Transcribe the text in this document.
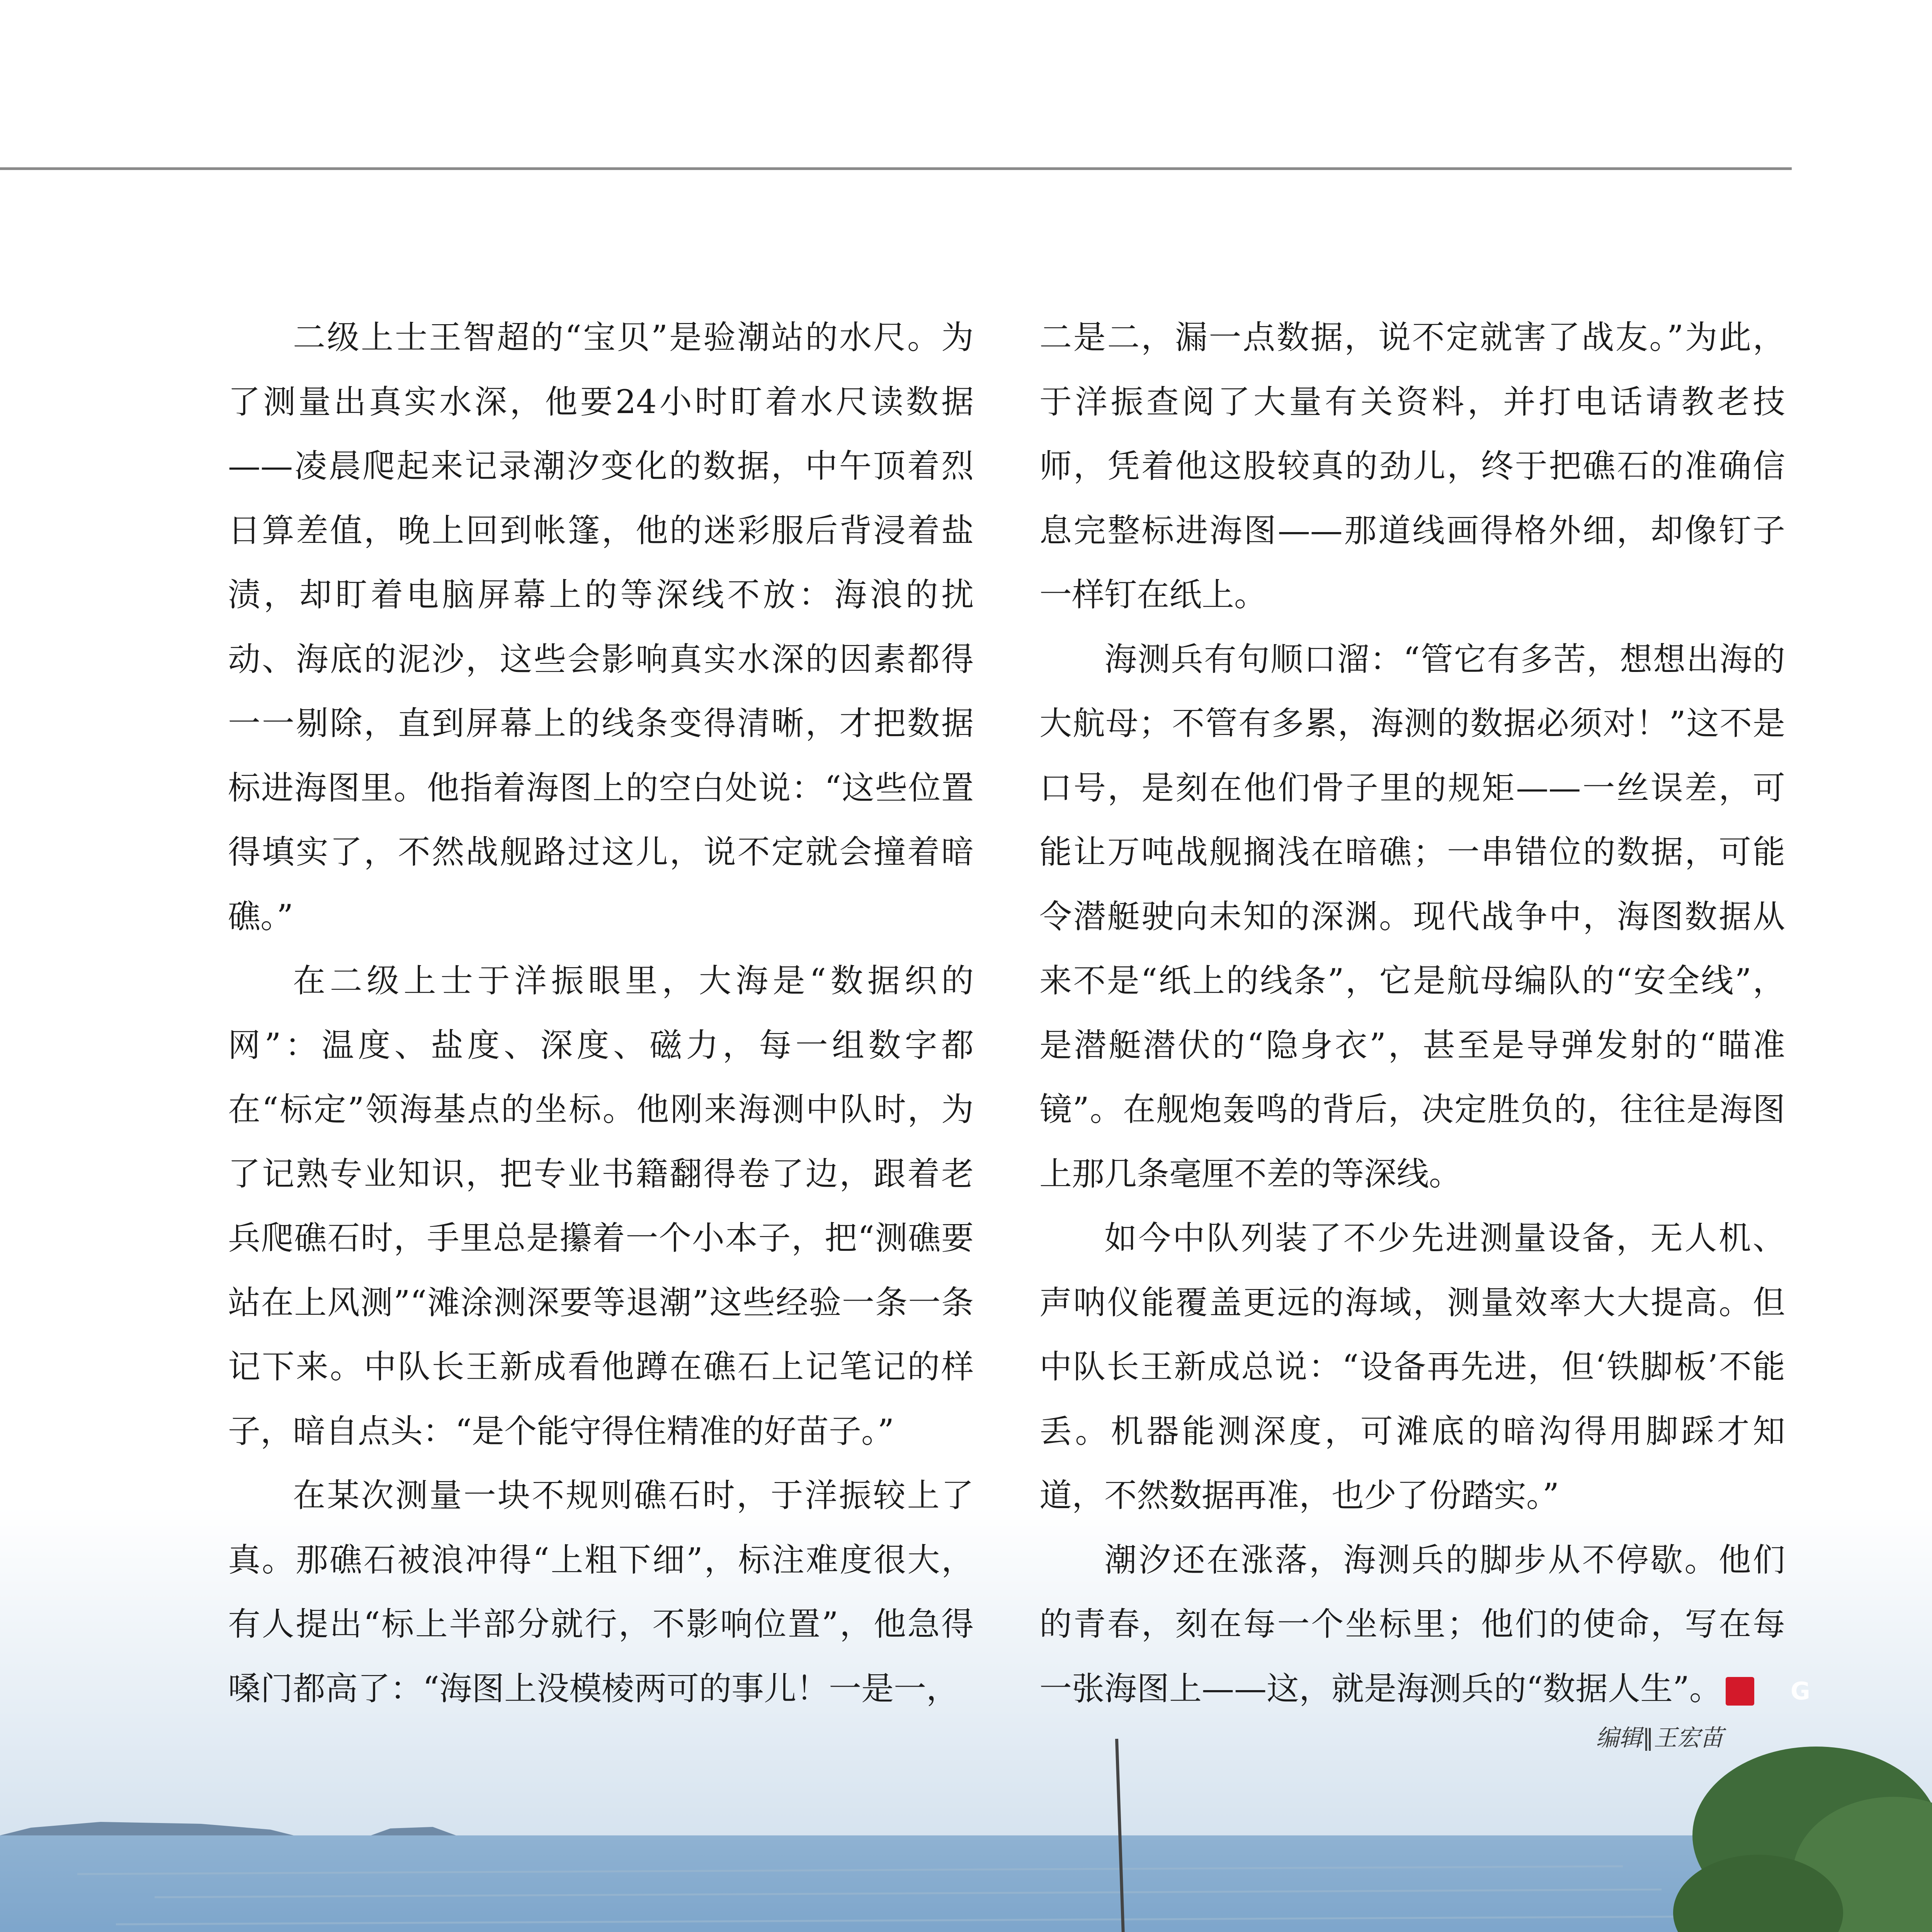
二级上士王智超的“宝贝”是验潮站的水尺。为了测量出真实水深，他要24小时盯着水尺读数据——凌晨爬起来记录潮汐变化的数据，中午顶着烈日算差值，晚上回到帐篷，他的迷彩服后背浸着盐渍，却盯着电脑屏幕上的等深线不放：海浪的扰动、海底的泥沙，这些会影响真实水深的因素都得一一剔除，直到屏幕上的线条变得清晰，才把数据标进海图里。他指着海图上的空白处说：“这些位置得填实了，不然战舰路过这儿，说不定就会撞着暗礁。”

在二级上士于洋振眼里，大海是“数据织的网”：温度、盐度、深度、磁力，每一组数字都在“标定”领海基点的坐标。他刚来海测中队时，为了记熟专业知识，把专业书籍翻得卷了边，跟着老兵爬礁石时，手里总是攥着一个小本子，把“测礁要站在上风测”“滩涂测深要等退潮”这些经验一条一条记下来。中队长王新成看他蹲在礁石上记笔记的样子，暗自点头：“是个能守得住精准的好苗子。”

在某次测量一块不规则礁石时，于洋振较上了真。那礁石被浪冲得“上粗下细”，标注难度很大，有人提出“标上半部分就行，不影响位置”，他急得嗓门都高了：“海图上没模棱两可的事儿！一是一，

二是二，漏一点数据，说不定就害了战友。”为此，于洋振查阅了大量有关资料，并打电话请教老技师，凭着他这股较真的劲儿，终于把礁石的准确信息完整标进海图——那道线画得格外细，却像钉子一样钉在纸上。

海测兵有句顺口溜：“管它有多苦，想想出海的大航母；不管有多累，海测的数据必须对！”这不是口号，是刻在他们骨子里的规矩——一丝误差，可能让万吨战舰搁浅在暗礁；一串错位的数据，可能令潜艇驶向未知的深渊。现代战争中，海图数据从来不是“纸上的线条”，它是航母编队的“安全线”，是潜艇潜伏的“隐身衣”，甚至是导弹发射的“瞄准镜”。在舰炮轰鸣的背后，决定胜负的，往往是海图上那几条毫厘不差的等深线。

如今中队列装了不少先进测量设备，无人机、声呐仪能覆盖更远的海域，测量效率大大提高。但中队长王新成总说：“设备再先进，但‘铁脚板’不能丢。机器能测深度，可滩底的暗沟得用脚踩才知道，不然数据再准，也少了份踏实。”

潮汐还在涨落，海测兵的脚步从不停歇。他们的青春，刻在每一个坐标里；他们的使命，写在每一张海图上——这，就是海测兵的“数据人生”。	G

编辑∥王宏苗
